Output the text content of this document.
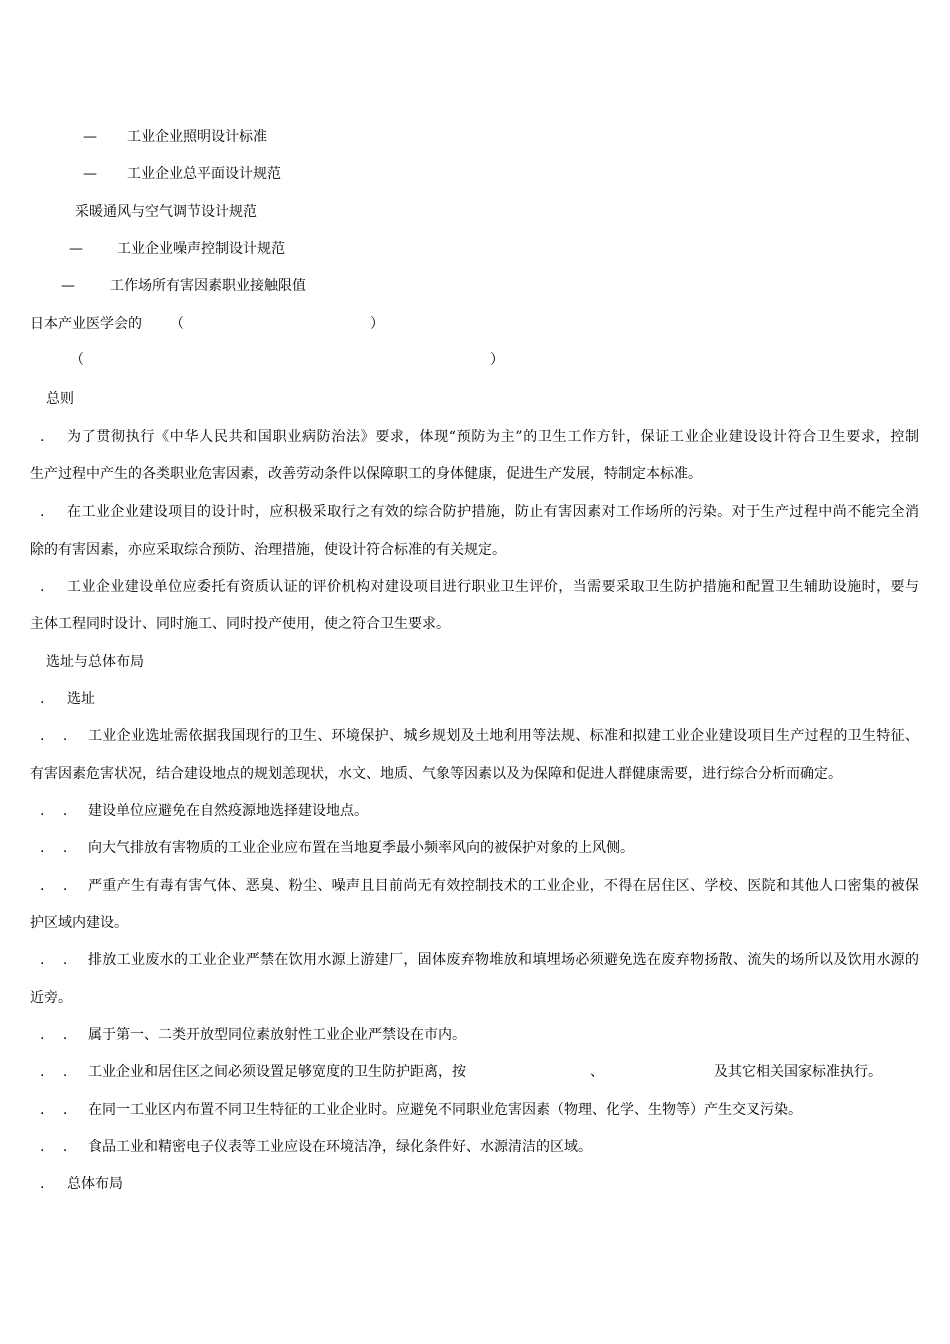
— 工业企业照明设计标准
— 工业企业总平面设计规范
采暖通风与空气调节设计规范
— 工业企业噪声控制设计规范
—	工作场所有害因素职业接触限值
日本产业医学会的 （	）
（	）
总则
. 为了贯彻执行《中华人民共和国职业病防治法》要求，体现“预防为主”的卫生工作方针，保证工业企业建设设计符合卫生要求，控制
生产过程中产生的各类职业危害因素，改善劳动条件以保障职工的身体健康，促进生产发展，特制定本标准。
. 在工业企业建设项目的设计时，应积极采取行之有效的综合防护措施，防止有害因素对工作场所的污染。对于生产过程中尚不能完全消
除的有害因素，亦应采取综合预防、治理措施，使设计符合标准的有关规定。
. 工业企业建设单位应委托有资质认证的评价机构对建设项目进行职业卫生评价，当需要采取卫生防护措施和配置卫生辅助设施时，要与
主体工程同时设计、同时施工、同时投产使用，使之符合卫生要求。
选址与总体布局
. 选址
. . 工业企业选址需依据我国现行的卫生、环境保护、城乡规划及土地利用等法规、标准和拟建工业企业建设项目生产过程的卫生特征、
有害因素危害状况，结合建设地点的规划恙现状，水文、地质、气象等因素以及为保障和促进人群健康需要，进行综合分析而确定。
. . 建设单位应避免在自然疫源地选择建设地点。
. . 向大气排放有害物质的工业企业应布置在当地夏季最小频率风向的被保护对象的上风侧。
. . 严重产生有毒有害气体、恶臭、粉尘、噪声且目前尚无有效控制技术的工业企业，不得在居住区、学校、医院和其他人口密集的被保
护区域内建设。
. . 排放工业废水的工业企业严禁在饮用水源上游建厂，固体废弃物堆放和填埋场必须避免选在废弃物扬散、流失的场所以及饮用水源的
近旁。
. . 属于第一、二类开放型同位素放射性工业企业严禁设在市内。
. . 工业企业和居住区之间必须设置足够宽度的卫生防护距离，按	、	及其它相关国家标准执行。
. . 在同一工业区内布置不同卫生特征的工业企业时。应避免不同职业危害因素（物理、化学、生物等）产生交叉污染。
. . 食品工业和精密电子仪表等工业应设在环境洁净，绿化条件好、水源清洁的区域。
. 总体布局
